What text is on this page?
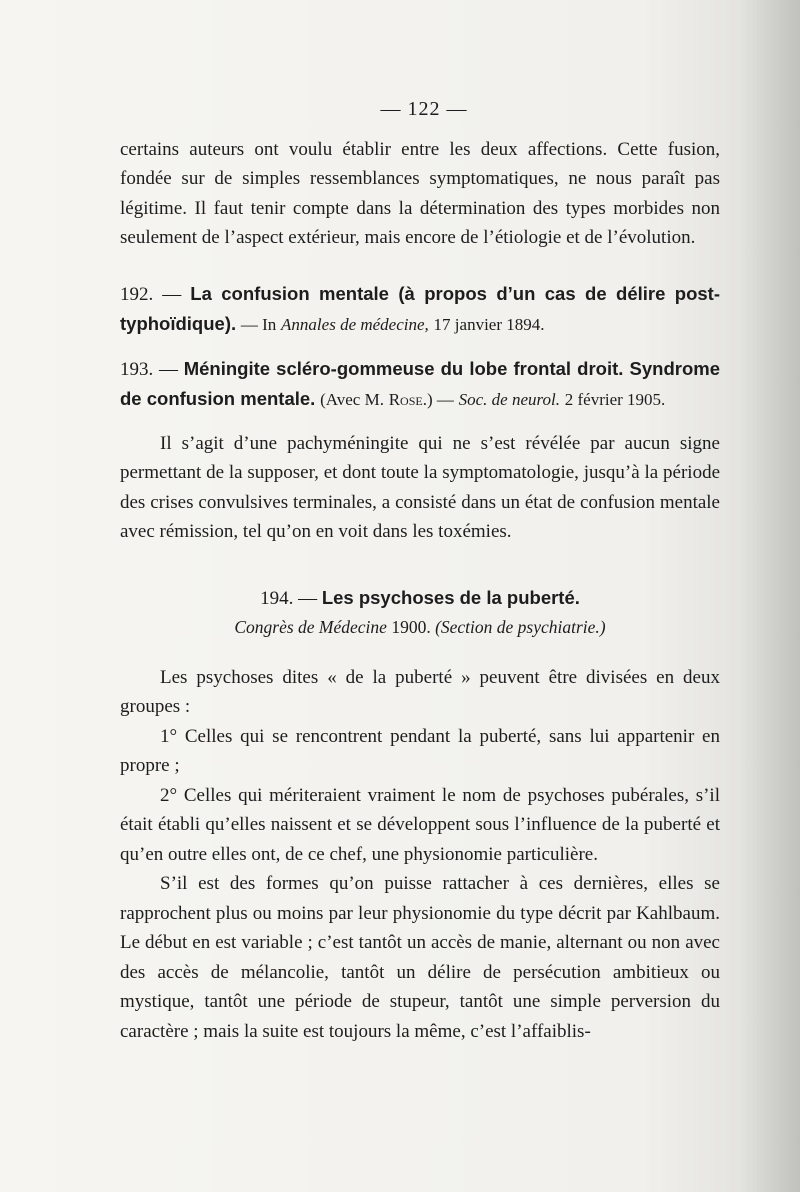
— 122 —

certains auteurs ont voulu établir entre les deux affections. Cette fusion, fondée sur de simples ressemblances symptomatiques, ne nous paraît pas légitime. Il faut tenir compte dans la détermination des types morbides non seulement de l’aspect extérieur, mais encore de l’étiologie et de l’évolution.

192. — La confusion mentale (à propos d’un cas de délire post-typhoïdique). — In Annales de médecine, 17 janvier 1894.

193. — Méningite scléro-gommeuse du lobe frontal droit. Syndrome de confusion mentale. (Avec M. Rose.) — Soc. de neurol. 2 février 1905.

Il s’agit d’une pachyméningite qui ne s’est révélée par aucun signe permettant de la supposer, et dont toute la symptomatologie, jusqu’à la période des crises convulsives terminales, a consisté dans un état de confusion mentale avec rémission, tel qu’on en voit dans les toxémies.

194. — Les psychoses de la puberté.

Congrès de Médecine 1900. (Section de psychiatrie.)

Les psychoses dites « de la puberté » peuvent être divisées en deux groupes :

1° Celles qui se rencontrent pendant la puberté, sans lui appartenir en propre ;

2° Celles qui mériteraient vraiment le nom de psychoses pubérales, s’il était établi qu’elles naissent et se développent sous l’influence de la puberté et qu’en outre elles ont, de ce chef, une physionomie particulière.

S’il est des formes qu’on puisse rattacher à ces dernières, elles se rapprochent plus ou moins par leur physionomie du type décrit par Kahlbaum. Le début en est variable ; c’est tantôt un accès de manie, alternant ou non avec des accès de mélancolie, tantôt un délire de persécution ambitieux ou mystique, tantôt une période de stupeur, tantôt une simple perversion du caractère ; mais la suite est toujours la même, c’est l’affaiblis-
